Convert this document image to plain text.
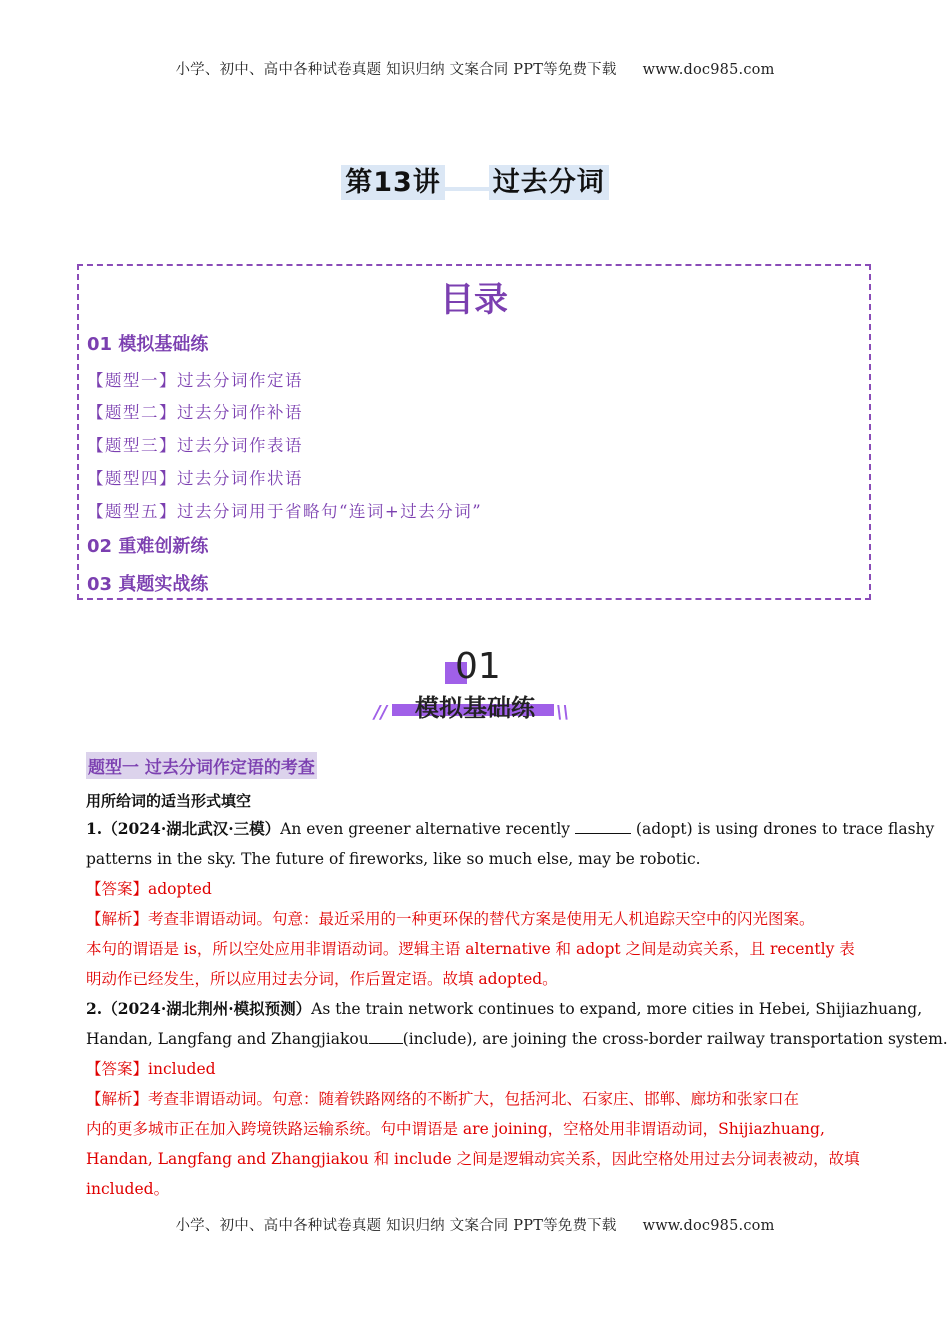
小学、初中、高中各种试卷真题 知识归纳 文案合同 PPT等免费下载 www.doc985.com
第13讲 过去分词
目录
01 模拟基础练
【题型一】过去分词作定语
【题型二】过去分词作补语
【题型三】过去分词作表语
【题型四】过去分词作状语
【题型五】过去分词用于省略句“连词+过去分词”
02 重难创新练
03 真题实战练
01
模拟基础练
//	\\
题型一 过去分词作定语的考查
用所给词的适当形式填空
1.（2024·湖北武汉·三模）An even greener alternative recently	(adopt) is using drones to trace flashy
patterns in the sky. The future of fireworks, like so much else, may be robotic.
【答案】adopted
【解析】考查非谓语动词。句意：最近采用的一种更环保的替代方案是使用无人机追踪天空中的闪光图案。
本句的谓语是 is，所以空处应用非谓语动词。逻辑主语 alternative 和 adopt 之间是动宾关系，且 recently 表
明动作已经发生，所以应用过去分词，作后置定语。故填 adopted。
2.（2024·湖北荆州·模拟预测）As the train network continues to expand, more cities in Hebei, Shijiazhuang,
Handan, Langfang and Zhangjiakou (include), are joining the cross-border railway transportation system.
【答案】included
【解析】考查非谓语动词。句意：随着铁路网络的不断扩大，包括河北、石家庄、邯郸、廊坊和张家口在
内的更多城市正在加入跨境铁路运输系统。句中谓语是 are joining，空格处用非谓语动词，Shijiazhuang,
Handan, Langfang and Zhangjiakou 和 include 之间是逻辑动宾关系，因此空格处用过去分词表被动，故填
included。
小学、初中、高中各种试卷真题 知识归纳 文案合同 PPT等免费下载 www.doc985.com
